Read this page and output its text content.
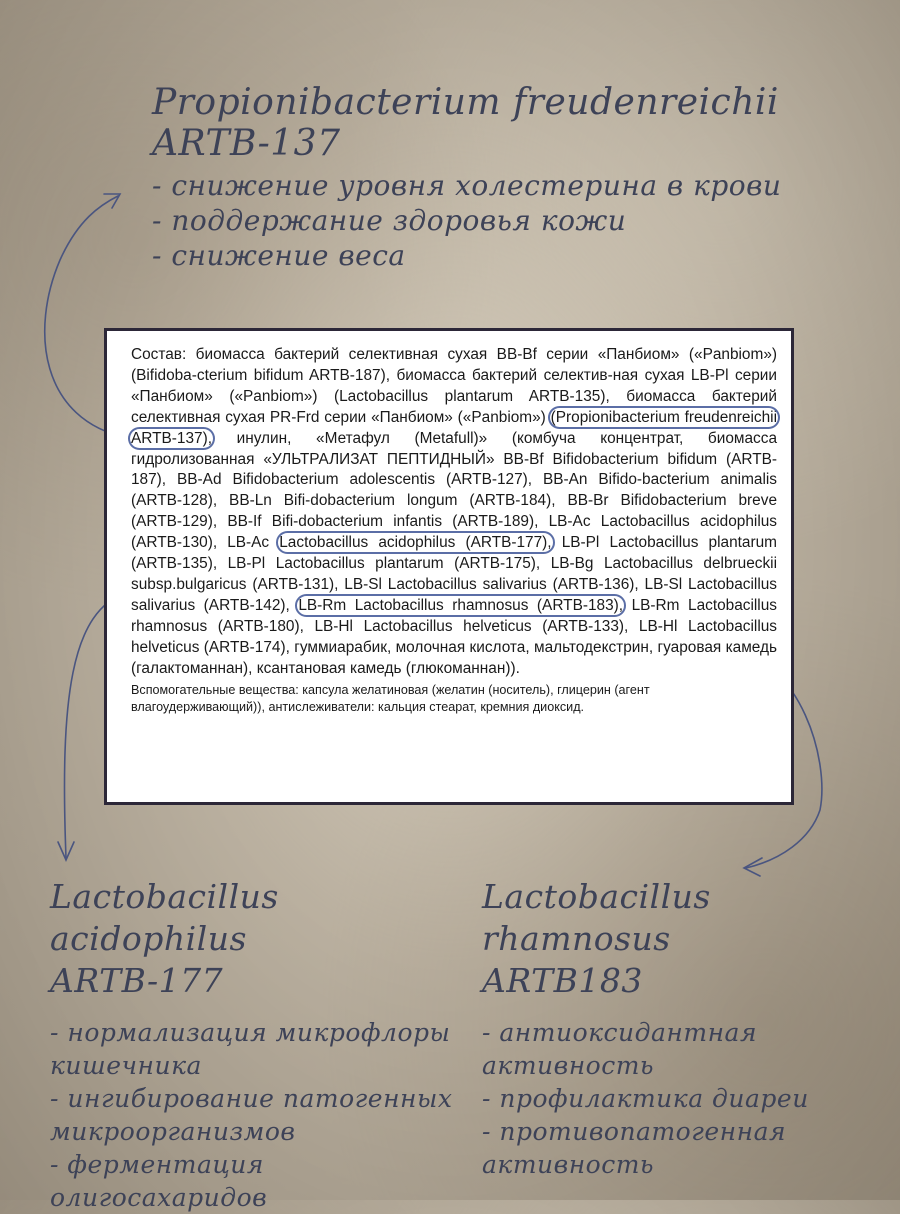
Propionibacterium freudenreichii ARTB-137
- снижение уровня холестерина в крови
- поддержание здоровья кожи
- снижение веса

Состав: биомасса бактерий селективная сухая BB-Bf серии «Панбиом» («Panbiom») (Bifidoba-cterium bifidum ARTB-187), биомасса бактерий селектив-ная сухая LB-Pl серии «Панбиом» («Panbiom») (Lactobacillus plantarum ARTB-135), биомасса бактерий селективная сухая PR-Frd серии «Панбиом» («Panbiom») (Propionibacterium freudenreichii ARTB-137), инулин, «Метафул (Metafull)» (комбуча концентрат, биомасса гидролизованная «УЛЬТРАЛИЗАТ ПЕПТИДНЫЙ» BB-Bf Bifidobacterium bifidum (ARTB-187), BB-Ad Bifidobacterium adolescentis (ARTB-127), BB-An Bifido-bacterium animalis (ARTB-128), BB-Ln Bifi-dobacterium longum (ARTB-184), BB-Br Bifidobacterium breve (ARTB-129), BB-If Bifi-dobacterium infantis (ARTB-189), LB-Ac Lactobacillus acidophilus (ARTB-130), LB-Ac Lactobacillus acidophilus (ARTB-177), LB-Pl Lactobacillus plantarum (ARTB-135), LB-Pl Lactobacillus plantarum (ARTB-175), LB-Bg Lactobacillus delbrueckii subsp.bulgaricus (ARTB-131), LB-Sl Lactobacillus salivarius (ARTB-136), LB-Sl Lactobacillus salivarius (ARTB-142), LB-Rm Lactobacillus rhamnosus (ARTB-183), LB-Rm Lactobacillus rhamnosus (ARTB-180), LB-Hl Lactobacillus helveticus (ARTB-133), LB-Hl Lactobacillus helveticus (ARTB-174), гуммиарабик, молочная кислота, мальтодекстрин, гуаровая камедь (галактоманнан), ксантановая камедь (глюкоманнан)).

Вспомогательные вещества: капсула желатиновая (желатин (носитель), глицерин (агент влагоудерживающий)), антислеживатели: кальция стеарат, кремния диоксид.
Lactobacillus acidophilus
ARTB-177
- нормализация микрофлоры
кишечника
- ингибирование патогенных
микроорганизмов
- ферментация олигосахаридов
Lactobacillus rhamnosus
ARTB183
- антиоксидантная активность
- профилактика диареи
- противопатогенная активность
